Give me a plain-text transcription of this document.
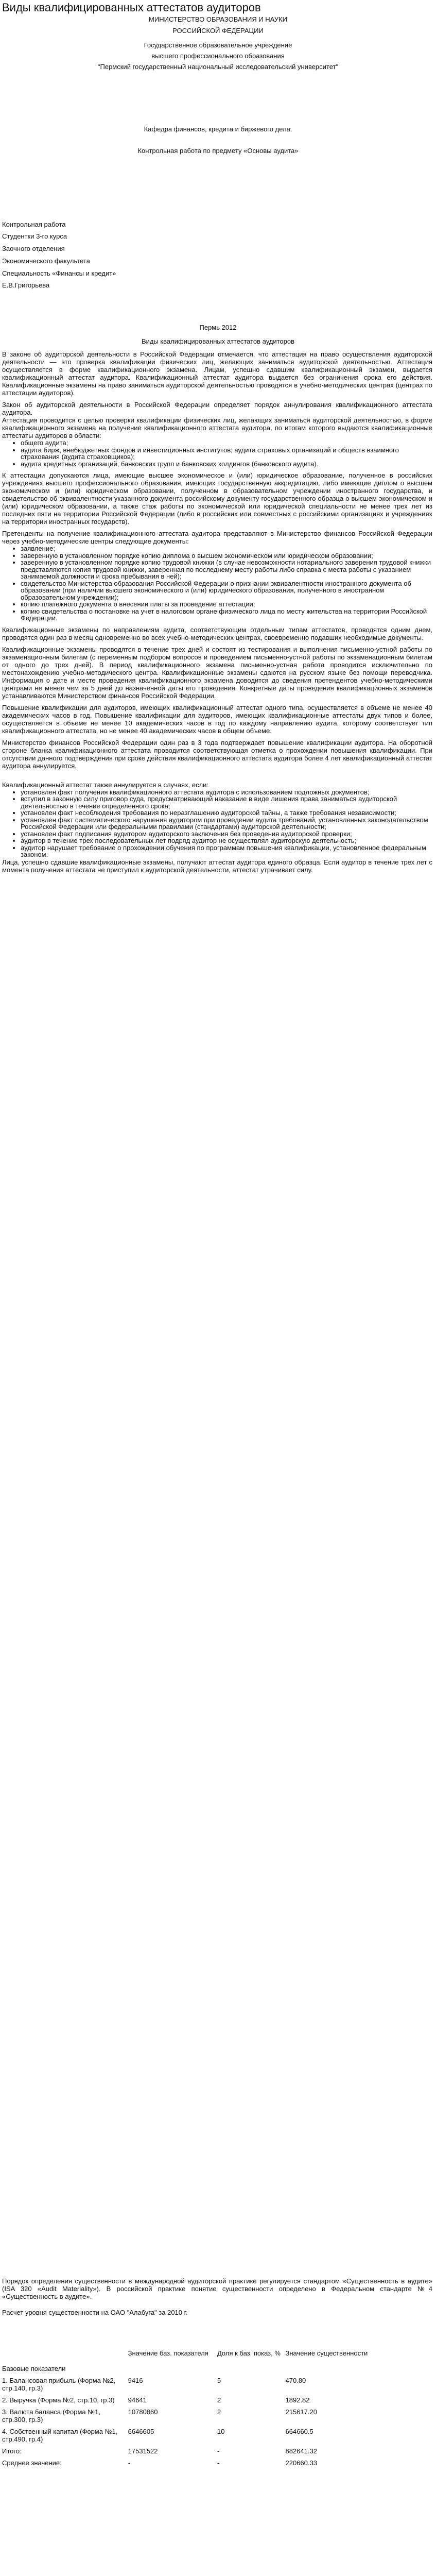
Виды квалифицированных аттестатов аудиторов
МИНИСТЕРСТВО ОБРАЗОВАНИЯ И НАУКИ
РОССИЙСКОЙ ФЕДЕРАЦИИ
Государственное образовательное учреждение
высшего профессионального образования
"Пермский государственный национальный исследовательский университет"
Кафедра финансов, кредита и биржевого дела.
Контрольная работа по предмету «Основы аудита»
Контрольная работа
Студентки 3-го курса
Заочного отделения
Экономического факультета
Специальность «Финансы и кредит»
Е.В.Григорьева
Пермь 2012
Виды квалифицированных аттестатов аудиторов

В законе об аудиторской деятельности в Российской Федерации отмечается, что аттестация на право осуществления аудиторской деятельности — это проверка квалификации физических лиц, желающих заниматься аудиторской деятельностью. Аттестация осуществляется в форме квалификационного экзамена. Лицам, успешно сдавшим квалификационный экзамен, выдается квалификационный аттестат аудитора. Квалификационный аттестат аудитора выдается без ограничения срока его действия. Квалификационные экзамены на право заниматься аудиторской деятельностью проводятся в учебно-методических центрах (центрах по аттестации аудиторов).

Закон об аудиторской деятельности в Российской Федерации определяет порядок аннулирования квалификационного аттестата аудитора.

Аттестация проводится с целью проверки квалификации физических лиц, желающих заниматься аудиторской деятельностью, в форме квалификационного экзамена на получение квалификационного аттестата аудитора, по итогам которого выдаются квалификационные аттестаты аудиторов в области:

• общего аудита;
• аудита бирж, внебюджетных фондов и инвестиционных институтов; аудита страховых организаций и обществ взаимного страхования (аудита страховщиков);
• аудита кредитных организаций, банковских групп и банковских холдингов (банковского аудита).

К аттестации допускаются лица, имеющие высшее экономическое и (или) юридическое образование, полученное в российских учреждениях высшего профессионального образования, имеющих государственную аккредитацию, либо имеющие диплом о высшем экономическом и (или) юридическом образовании, полученном в образовательном учреждении иностранного государства, и свидетельство об эквивалентности указанного документа российскому документу государственного образца о высшем экономическом и (или) юридическом образовании, а также стаж работы по экономической или юридической специальности не менее трех лет из последних пяти на территории Российской Федерации (либо в российских или совместных с российскими организациях и учреждениях на территории иностранных государств).

Претенденты на получение квалификационного аттестата аудитора представляют в Министерство финансов Российской Федерации через учебно-методические центры следующие документы:

• заявление;
• заверенную в установленном порядке копию диплома о высшем экономическом или юридическом образовании;
• заверенную в установленном порядке копию трудовой книжки (в случае невозможности нотариального заверения трудовой книжки представляются копия трудовой книжки, заверенная по последнему месту работы либо справка с места работы с указанием занимаемой должности и срока пребывания в ней);
• свидетельство Министерства образования Российской Федерации о признании эквивалентности иностранного документа об образовании (при наличии высшего экономического и (или) юридического образования, полученного в иностранном образовательном учреждении);
• копию платежного документа о внесении платы за проведение аттестации;
• копию свидетельства о постановке на учет в налоговом органе физического лица по месту жительства на территории Российской Федерации.

Квалификационные экзамены по направлениям аудита, соответствующим отдельным типам аттестатов, проводятся одним днем, проводятся один раз в месяц одновременно во всех учебно-методических центрах, своевременно подавших необходимые документы.

Квалификационные экзамены проводятся в течение трех дней и состоят из тестирования и выполнения письменно-устной работы по экзаменационным билетам (с переменным подбором вопросов и проведением письменно-устной работы по экзаменационным билетам от одного до трех дней). В период квалификационного экзамена письменно-устная работа проводится исключительно по местонахождению учебно-методического центра. Квалификационные экзамены сдаются на русском языке без помощи переводчика. Информация о дате и месте проведения квалификационного экзамена доводится до сведения претендентов учебно-методическими центрами не менее чем за 5 дней до назначенной даты его проведения. Конкретные даты проведения квалификационных экзаменов устанавливаются Министерством финансов Российской Федерации.

Повышение квалификации для аудиторов, имеющих квалификационный аттестат одного типа, осуществляется в объеме не менее 40 академических часов в год. Повышение квалификации для аудиторов, имеющих квалификационные аттестаты двух типов и более, осуществляется в объеме не менее 10 академических часов в год по каждому направлению аудита, которому соответствует тип квалификационного аттестата, но не менее 40 академических часов в общем объеме.

Министерство финансов Российской Федерации один раз в 3 года подтверждает повышение квалификации аудитора. На оборотной стороне бланка квалификационного аттестата проводится соответствующая отметка о прохождении повышения квалификации. При отсутствии данного подтверждения при сроке действия квалификационного аттестата аудитора более 4 лет квалификационный аттестат аудитора аннулируется.

Квалификационный аттестат также аннулируется в случаях, если:

• установлен факт получения квалификационного аттестата аудитора с использованием подложных документов;
• вступил в законную силу приговор суда, предусматривающий наказание в виде лишения права заниматься аудиторской деятельностью в течение определенного срока;
• установлен факт несоблюдения требования по неразглашению аудиторской тайны, а также требования независимости;
• установлен факт систематического нарушения аудитором при проведении аудита требований, установленных законодательством Российской Федерации или федеральными правилами (стандартами) аудиторской деятельности;
• установлен факт подписания аудитором аудиторского заключения без проведения аудиторской проверки;
• аудитор в течение трех последовательных лет подряд аудитор не осуществлял аудиторскую деятельность;
• аудитор нарушает требование о прохождении обучения по программам повышения квалификации, установленное федеральным законом.

Лица, успешно сдавшие квалификационные экзамены, получают аттестат аудитора единого образца. Если аудитор в течение трех лет с момента получения аттестата не приступил к аудиторской деятельности, аттестат утрачивает силу.

Порядок определения существенности в международной аудиторской практике регулируется стандартом «Существенность в аудите» (ISA 320 «Audit Materiality»). В российской практике понятие существенности определено в Федеральном стандарте №4 «Существенность в аудите».

Расчет уровня существенности на ОАО "Алабуга" за 2010 г.

Базовые показатели	Значение баз. показателя	Доля к баз. показ, %	Значение существенности
1. Балансовая прибыль (Форма №2, стр.140, гр.3)	9416	5	470.80
2. Выручка (Форма №2, стр.10, гр.3)	94641	2	1892.82
3. Валюта баланса (Форма №1, стр.300, гр.3)	10780860	2	215617.20
4. Собственный капитал (Форма №1, стр.490, гр.4)	6646605	10	664660.5
Итого:	17531522	-	882641.32
Среднее значение:	-	-	220660.33
